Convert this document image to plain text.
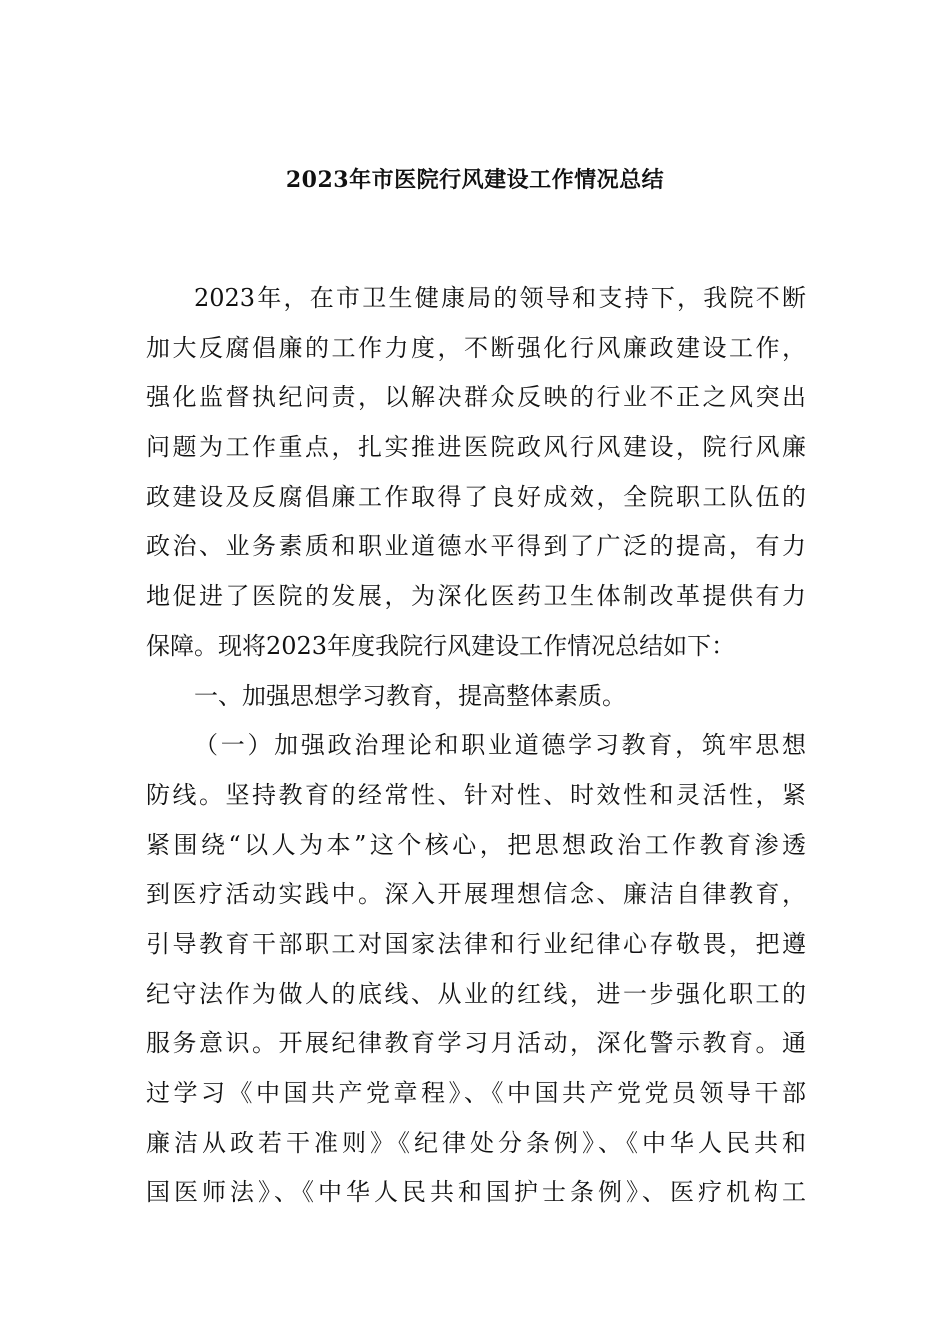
2023年市医院行风建设工作情况总结
2023年，在市卫生健康局的领导和支持下，我院不断
加大反腐倡廉的工作力度，不断强化行风廉政建设工作，
强化监督执纪问责，以解决群众反映的行业不正之风突出
问题为工作重点，扎实推进医院政风行风建设，院行风廉
政建设及反腐倡廉工作取得了良好成效，全院职工队伍的
政治、业务素质和职业道德水平得到了广泛的提高，有力
地促进了医院的发展，为深化医药卫生体制改革提供有力
保障。现将2023年度我院行风建设工作情况总结如下：
一、加强思想学习教育，提高整体素质。
（一）加强政治理论和职业道德学习教育，筑牢思想
防线。坚持教育的经常性、针对性、时效性和灵活性，紧
紧围绕“以人为本”这个核心，把思想政治工作教育渗透
到医疗活动实践中。深入开展理想信念、廉洁自律教育，
引导教育干部职工对国家法律和行业纪律心存敬畏，把遵
纪守法作为做人的底线、从业的红线，进一步强化职工的
服务意识。开展纪律教育学习月活动，深化警示教育。通
过学习《中国共产党章程》、《中国共产党党员领导干部
廉洁从政若干准则》《纪律处分条例》、《中华人民共和
国医师法》、《中华人民共和国护士条例》、医疗机构工
